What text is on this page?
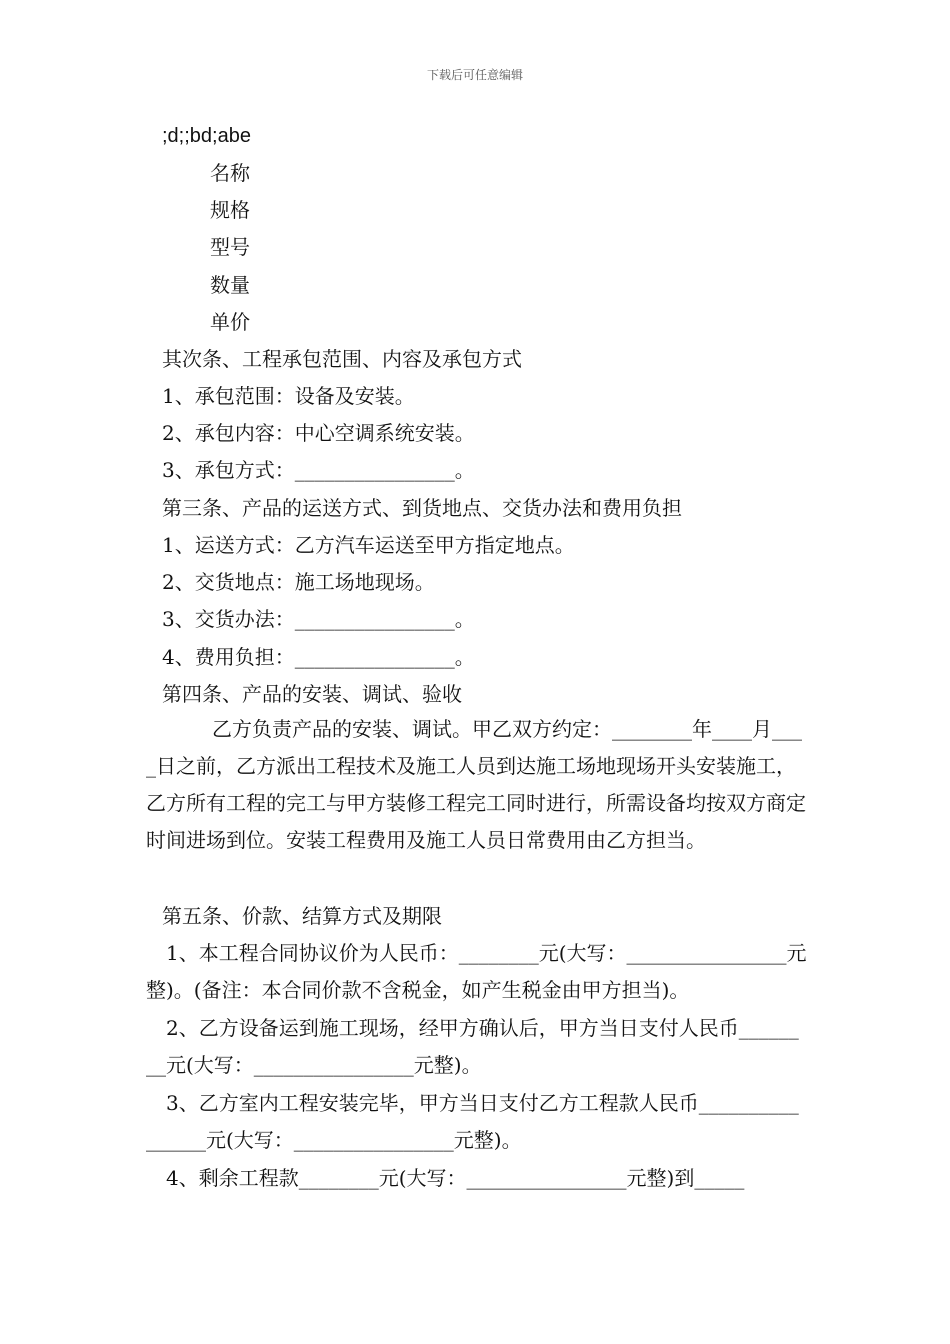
下载后可任意编辑
;d;;bd;abe
名称
规格
型号
数量
单价
其次条、工程承包范围、内容及承包方式
1、承包范围：设备及安装。
2、承包内容：中心空调系统安装。
3、承包方式：________________。
第三条、产品的运送方式、到货地点、交货办法和费用负担
1、运送方式：乙方汽车运送至甲方指定地点。
2、交货地点：施工场地现场。
3、交货办法：________________。
4、费用负担：________________。
第四条、产品的安装、调试、验收
乙方负责产品的安装、调试。甲乙双方约定：________年____月____日之前，乙方派出工程技术及施工人员到达施工场地现场开头安装施工，乙方所有工程的完工与甲方装修工程完工同时进行，所需设备均按双方商定时间进场到位。安装工程费用及施工人员日常费用由乙方担当。
第五条、价款、结算方式及期限
1、本工程合同协议价为人民币：________元(大写：________________元整)。(备注：本合同价款不含税金，如产生税金由甲方担当)。
2、乙方设备运到施工现场，经甲方确认后，甲方当日支付人民币________元(大写：________________元整)。
3、乙方室内工程安装完毕，甲方当日支付乙方工程款人民币________________元(大写：________________元整)。
4、剩余工程款________元(大写：________________元整)到_____
